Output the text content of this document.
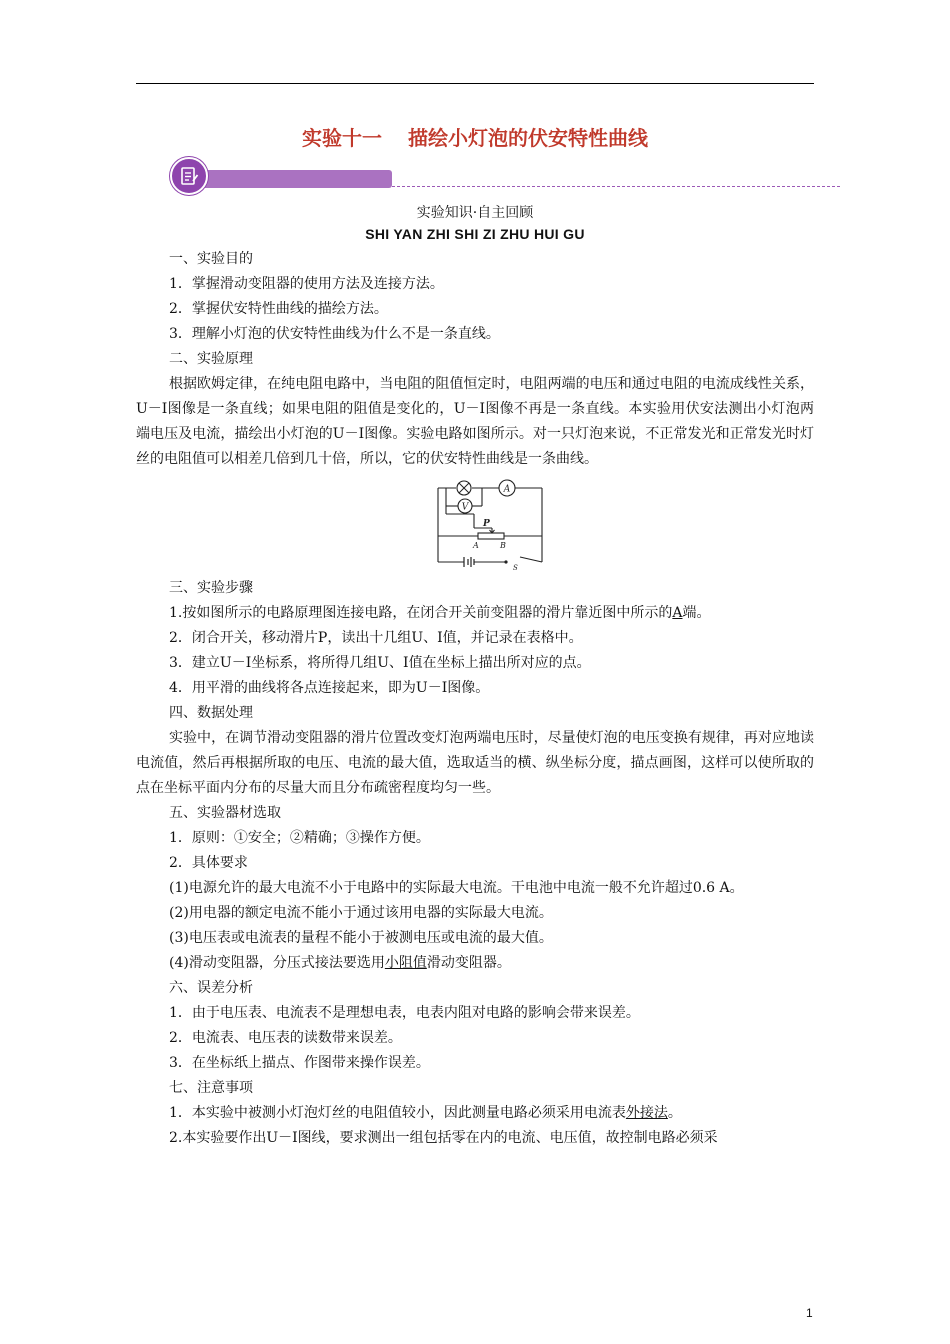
实验十一 描绘小灯泡的伏安特性曲线
实验知识·自主回顾
SHI YAN ZHI SHI ZI ZHU HUI GU

一、实验目的

1．掌握滑动变阻器的使用方法及连接方法。

2．掌握伏安特性曲线的描绘方法。

3．理解小灯泡的伏安特性曲线为什么不是一条直线。

二、实验原理

根据欧姆定律，在纯电阻电路中，当电阻的阻值恒定时，电阻两端的电压和通过电阻的电流成线性关系，U－I图像是一条直线；如果电阻的阻值是变化的，U－I图像不再是一条直线。本实验用伏安法测出小灯泡两端电压及电流，描绘出小灯泡的U－I图像。实验电路如图所示。对一只灯泡来说，不正常发光和正常发光时灯丝的电阻值可以相差几倍到几十倍，所以，它的伏安特性曲线是一条曲线。

V
A
P
A	B
S

三、实验步骤

1.按如图所示的电路原理图连接电路，在闭合开关前变阻器的滑片靠近图中所示的A端。

2．闭合开关，移动滑片P，读出十几组U、I值，并记录在表格中。

3．建立U－I坐标系，将所得几组U、I值在坐标上描出所对应的点。

4．用平滑的曲线将各点连接起来，即为U－I图像。

四、数据处理

实验中，在调节滑动变阻器的滑片位置改变灯泡两端电压时，尽量使灯泡的电压变换有规律，再对应地读电流值，然后再根据所取的电压、电流的最大值，选取适当的横、纵坐标分度，描点画图，这样可以使所取的点在坐标平面内分布的尽量大而且分布疏密程度均匀一些。

五、实验器材选取

1．原则：①安全；②精确；③操作方便。

2．具体要求

(1)电源允许的最大电流不小于电路中的实际最大电流。干电池中电流一般不允许超过0.6 A。

(2)用电器的额定电流不能小于通过该用电器的实际最大电流。

(3)电压表或电流表的量程不能小于被测电压或电流的最大值。

(4)滑动变阻器，分压式接法要选用小阻值滑动变阻器。

六、误差分析

1．由于电压表、电流表不是理想电表，电表内阻对电路的影响会带来误差。

2．电流表、电压表的读数带来误差。

3．在坐标纸上描点、作图带来操作误差。

七、注意事项

1．本实验中被测小灯泡灯丝的电阻值较小，因此测量电路必须采用电流表外接法。

2.本实验要作出U－I图线，要求测出一组包括零在内的电流、电压值，故控制电路必须采

1
